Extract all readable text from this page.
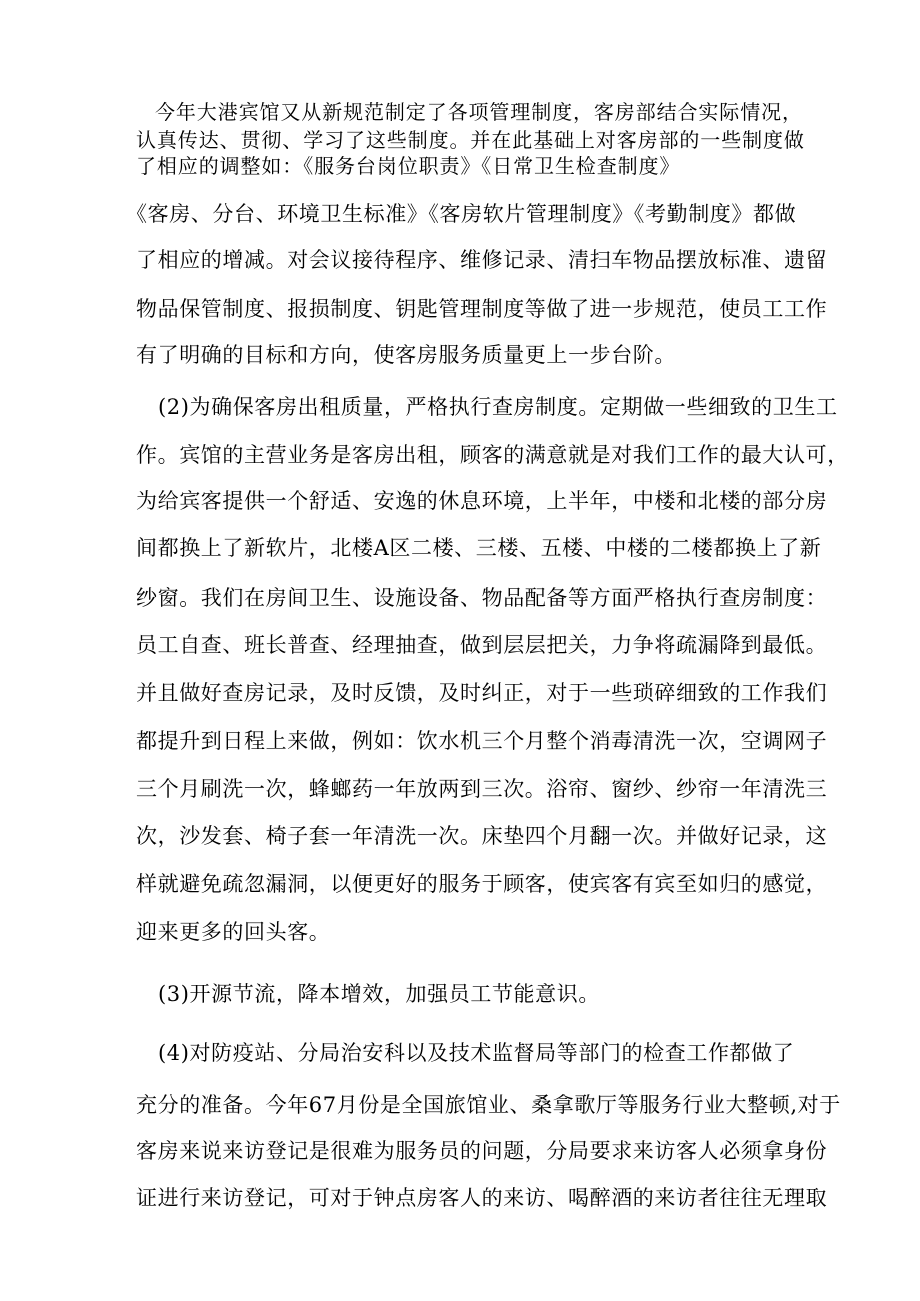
今年大港宾馆又从新规范制定了各项管理制度，客房部结合实际情况，
认真传达、贯彻、学习了这些制度。并在此基础上对客房部的一些制度做
了相应的调整如：《服务台岗位职责》《日常卫生检查制度》
《客房、分台、环境卫生标准》《客房软片管理制度》《考勤制度》都做
了相应的增减。对会议接待程序、维修记录、清扫车物品摆放标准、遗留
物品保管制度、报损制度、钥匙管理制度等做了进一步规范，使员工工作
有了明确的目标和方向，使客房服务质量更上一步台阶。
(2)为确保客房出租质量，严格执行查房制度。定期做一些细致的卫生工
作。宾馆的主营业务是客房出租，顾客的满意就是对我们工作的最大认可，
为给宾客提供一个舒适、安逸的休息环境，上半年，中楼和北楼的部分房
间都换上了新软片，北楼A区二楼、三楼、五楼、中楼的二楼都换上了新
纱窗。我们在房间卫生、设施设备、物品配备等方面严格执行查房制度：
员工自查、班长普查、经理抽查，做到层层把关，力争将疏漏降到最低。
并且做好查房记录，及时反馈，及时纠正，对于一些琐碎细致的工作我们
都提升到日程上来做，例如：饮水机三个月整个消毒清洗一次，空调网子
三个月刷洗一次，蜂螂药一年放两到三次。浴帘、窗纱、纱帘一年清洗三
次，沙发套、椅子套一年清洗一次。床垫四个月翻一次。并做好记录，这
样就避免疏忽漏洞，以便更好的服务于顾客，使宾客有宾至如归的感觉，
迎来更多的回头客。
(3)开源节流，降本增效，加强员工节能意识。
(4)对防疫站、分局治安科以及技术监督局等部门的检查工作都做了
充分的准备。今年67月份是全国旅馆业、桑拿歌厅等服务行业大整顿,对于
客房来说来访登记是很难为服务员的问题，分局要求来访客人必须拿身份
证进行来访登记，可对于钟点房客人的来访、喝醉酒的来访者往往无理取
